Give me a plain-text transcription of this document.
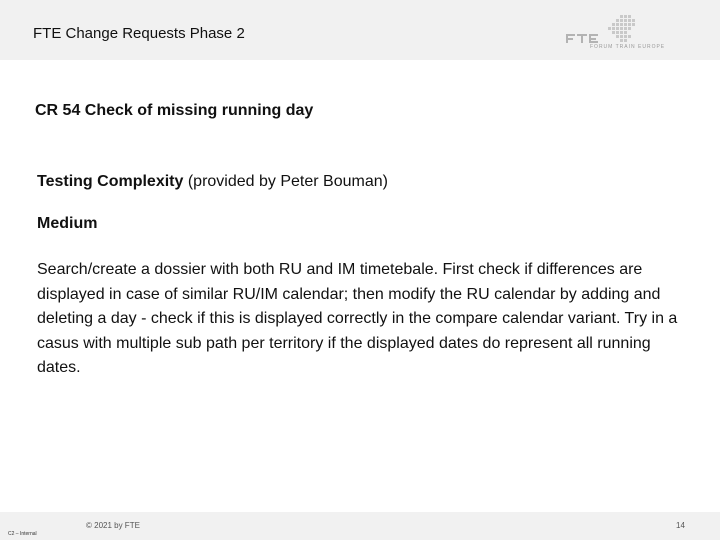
FTE Change Requests Phase 2
FORUM TRAIN EUROPE
CR 54 Check of missing running day
Testing Complexity (provided by Peter Bouman)
Medium
Search/create a dossier with both RU and IM timetebale. First check if differences are displayed in case of similar RU/IM calendar; then modify the RU calendar by adding and deleting a day - check if this is displayed correctly in the compare calendar variant. Try in a casus with multiple sub path per territory if the displayed dates do represent all running dates.
C2 – Internal
© 2021 by FTE	14
